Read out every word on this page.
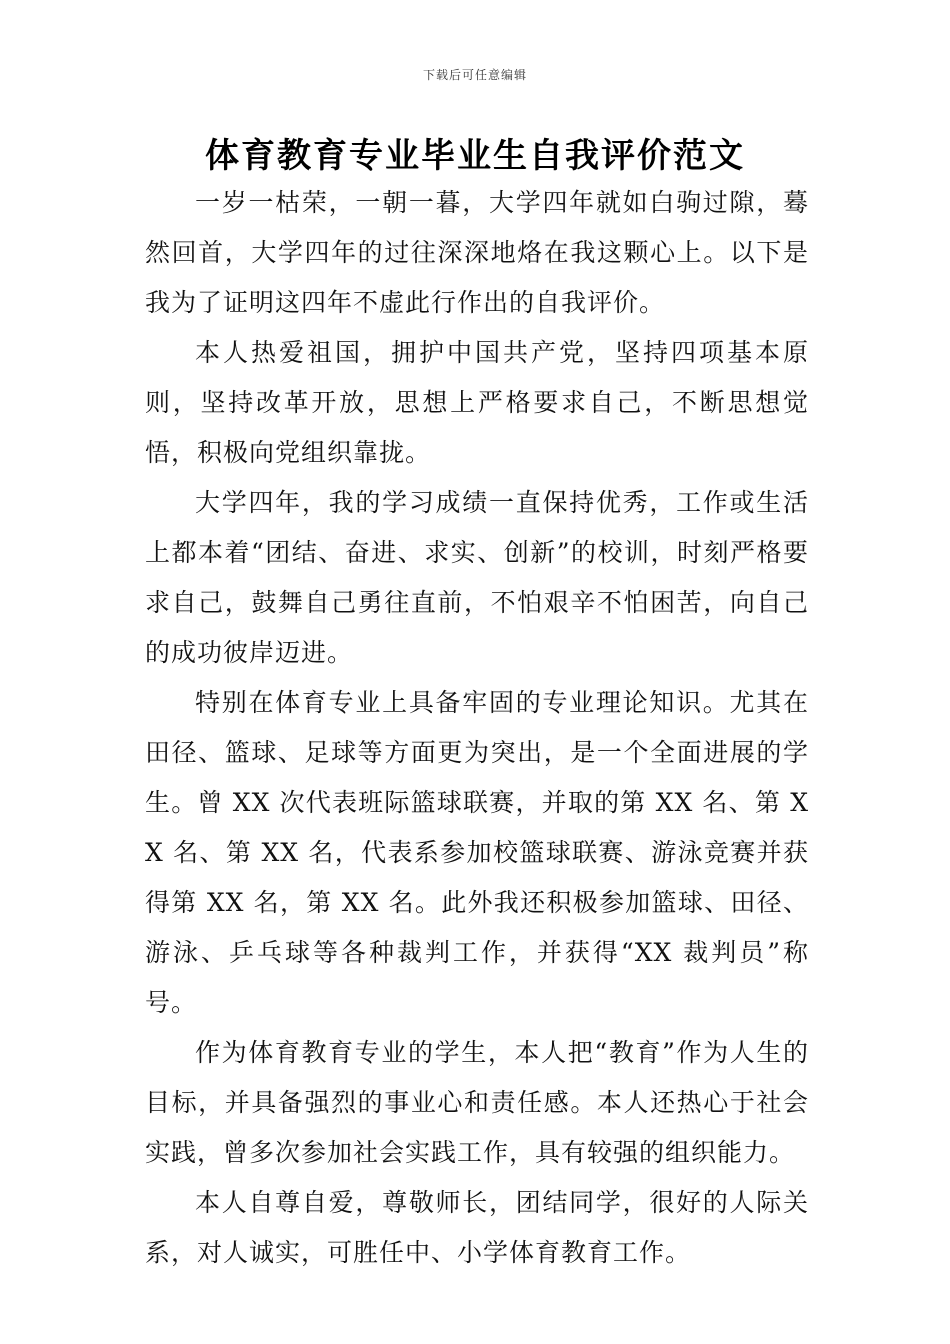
下载后可任意编辑
体育教育专业毕业生自我评价范文

一岁一枯荣，一朝一暮，大学四年就如白驹过隙，蓦然回首，大学四年的过往深深地烙在我这颗心上。以下是我为了证明这四年不虚此行作出的自我评价。

本人热爱祖国，拥护中国共产党，坚持四项基本原则，坚持改革开放，思想上严格要求自己，不断思想觉悟，积极向党组织靠拢。

大学四年，我的学习成绩一直保持优秀，工作或生活上都本着“团结、奋进、求实、创新”的校训，时刻严格要求自己，鼓舞自己勇往直前，不怕艰辛不怕困苦，向自己的成功彼岸迈进。

特别在体育专业上具备牢固的专业理论知识。尤其在田径、篮球、足球等方面更为突出，是一个全面进展的学生。曾 XX 次代表班际篮球联赛，并取的第 XX 名、第 XX 名、第 XX 名，代表系参加校篮球联赛、游泳竞赛并获得第 XX 名，第 XX 名。此外我还积极参加篮球、田径、游泳、乒乓球等各种裁判工作，并获得“XX 裁判员”称号。

作为体育教育专业的学生，本人把“教育”作为人生的目标，并具备强烈的事业心和责任感。本人还热心于社会实践，曾多次参加社会实践工作，具有较强的组织能力。

本人自尊自爱，尊敬师长，团结同学，很好的人际关系，对人诚实，可胜任中、小学体育教育工作。
